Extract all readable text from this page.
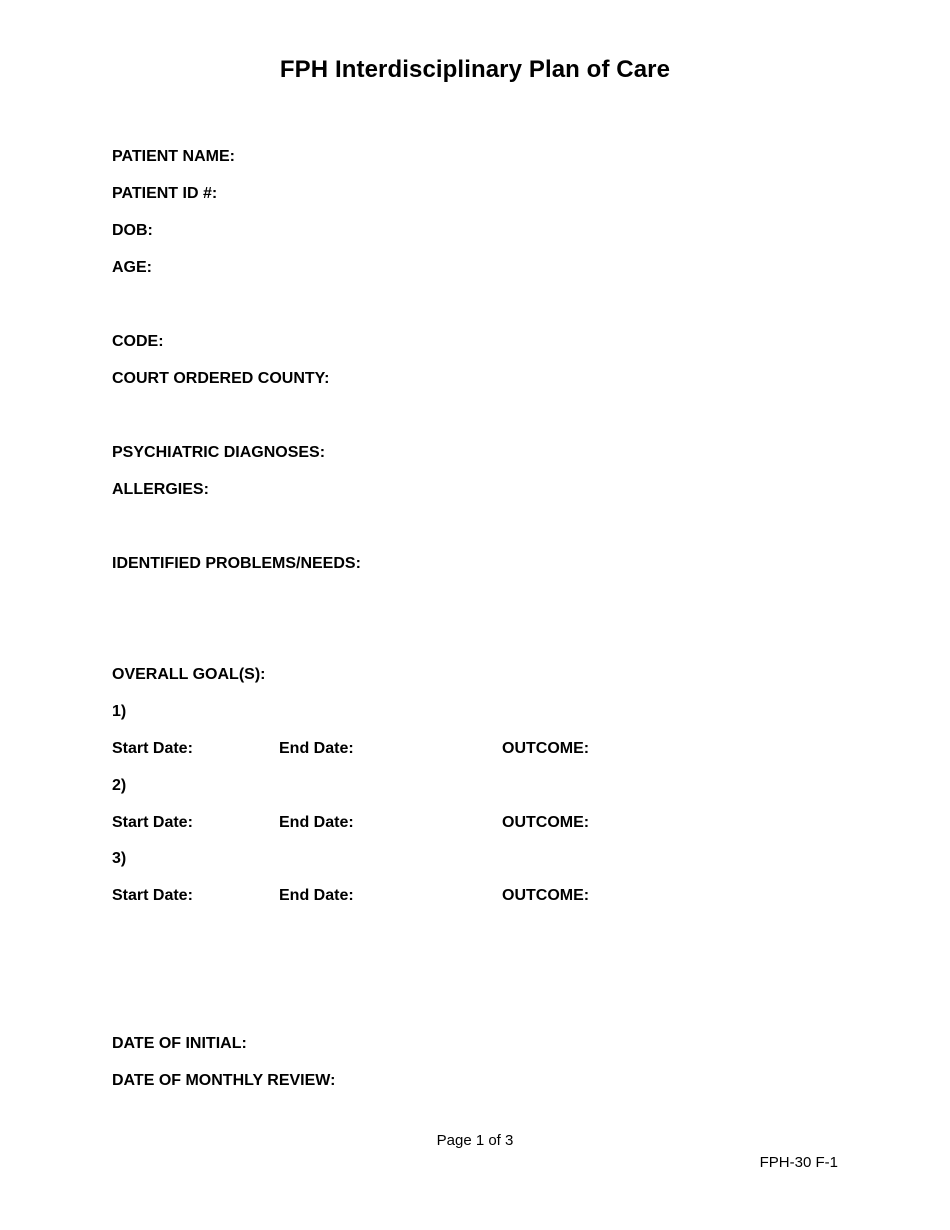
FPH Interdisciplinary Plan of Care
PATIENT NAME:
PATIENT ID #:
DOB:
AGE:
CODE:
COURT ORDERED COUNTY:
PSYCHIATRIC DIAGNOSES:
ALLERGIES:
IDENTIFIED PROBLEMS/NEEDS:
OVERALL GOAL(S):
1)
Start Date:	End Date:	OUTCOME:
2)
Start Date:	End Date:	OUTCOME:
3)
Start Date:	End Date:	OUTCOME:
DATE OF INITIAL:
DATE OF MONTHLY REVIEW:
Page 1 of 3
FPH-30 F-1
